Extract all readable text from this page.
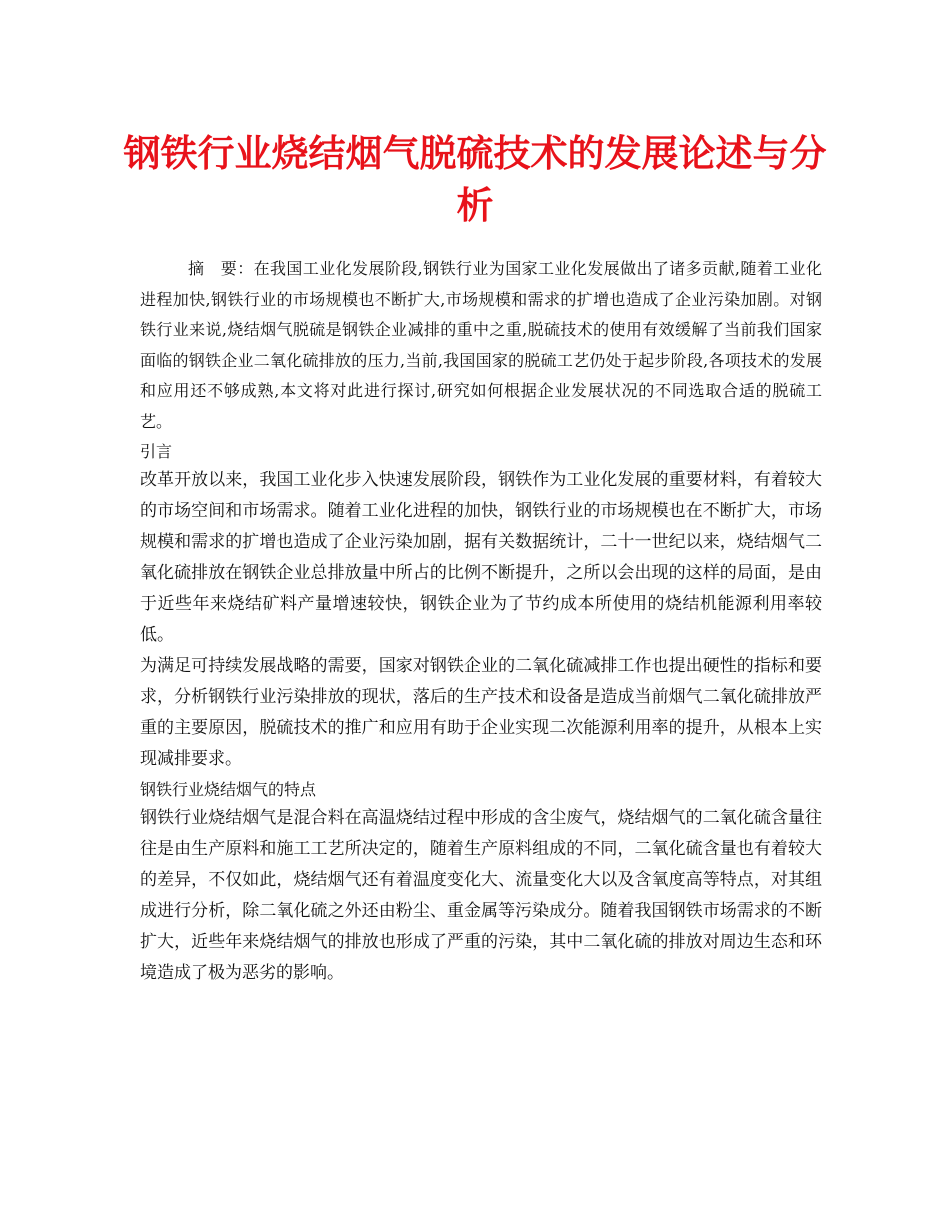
钢铁行业烧结烟气脱硫技术的发展论述与分析

摘　要：在我国工业化发展阶段,钢铁行业为国家工业化发展做出了诸多贡献,随着工业化进程加快,钢铁行业的市场规模也不断扩大,市场规模和需求的扩增也造成了企业污染加剧。对钢铁行业来说,烧结烟气脱硫是钢铁企业减排的重中之重,脱硫技术的使用有效缓解了当前我们国家面临的钢铁企业二氧化硫排放的压力,当前,我国国家的脱硫工艺仍处于起步阶段,各项技术的发展和应用还不够成熟,本文将对此进行探讨,研究如何根据企业发展状况的不同选取合适的脱硫工艺。

引言

改革开放以来，我国工业化步入快速发展阶段，钢铁作为工业化发展的重要材料，有着较大的市场空间和市场需求。随着工业化进程的加快，钢铁行业的市场规模也在不断扩大，市场规模和需求的扩增也造成了企业污染加剧，据有关数据统计，二十一世纪以来，烧结烟气二氧化硫排放在钢铁企业总排放量中所占的比例不断提升，之所以会出现的这样的局面，是由于近些年来烧结矿料产量增速较快，钢铁企业为了节约成本所使用的烧结机能源利用率较低。

为满足可持续发展战略的需要，国家对钢铁企业的二氧化硫减排工作也提出硬性的指标和要求，分析钢铁行业污染排放的现状，落后的生产技术和设备是造成当前烟气二氧化硫排放严重的主要原因，脱硫技术的推广和应用有助于企业实现二次能源利用率的提升，从根本上实现减排要求。

钢铁行业烧结烟气的特点

钢铁行业烧结烟气是混合料在高温烧结过程中形成的含尘废气，烧结烟气的二氧化硫含量往往是由生产原料和施工工艺所决定的，随着生产原料组成的不同，二氧化硫含量也有着较大的差异，不仅如此，烧结烟气还有着温度变化大、流量变化大以及含氧度高等特点，对其组成进行分析，除二氧化硫之外还由粉尘、重金属等污染成分。随着我国钢铁市场需求的不断扩大，近些年来烧结烟气的排放也形成了严重的污染，其中二氧化硫的排放对周边生态和环境造成了极为恶劣的影响。
